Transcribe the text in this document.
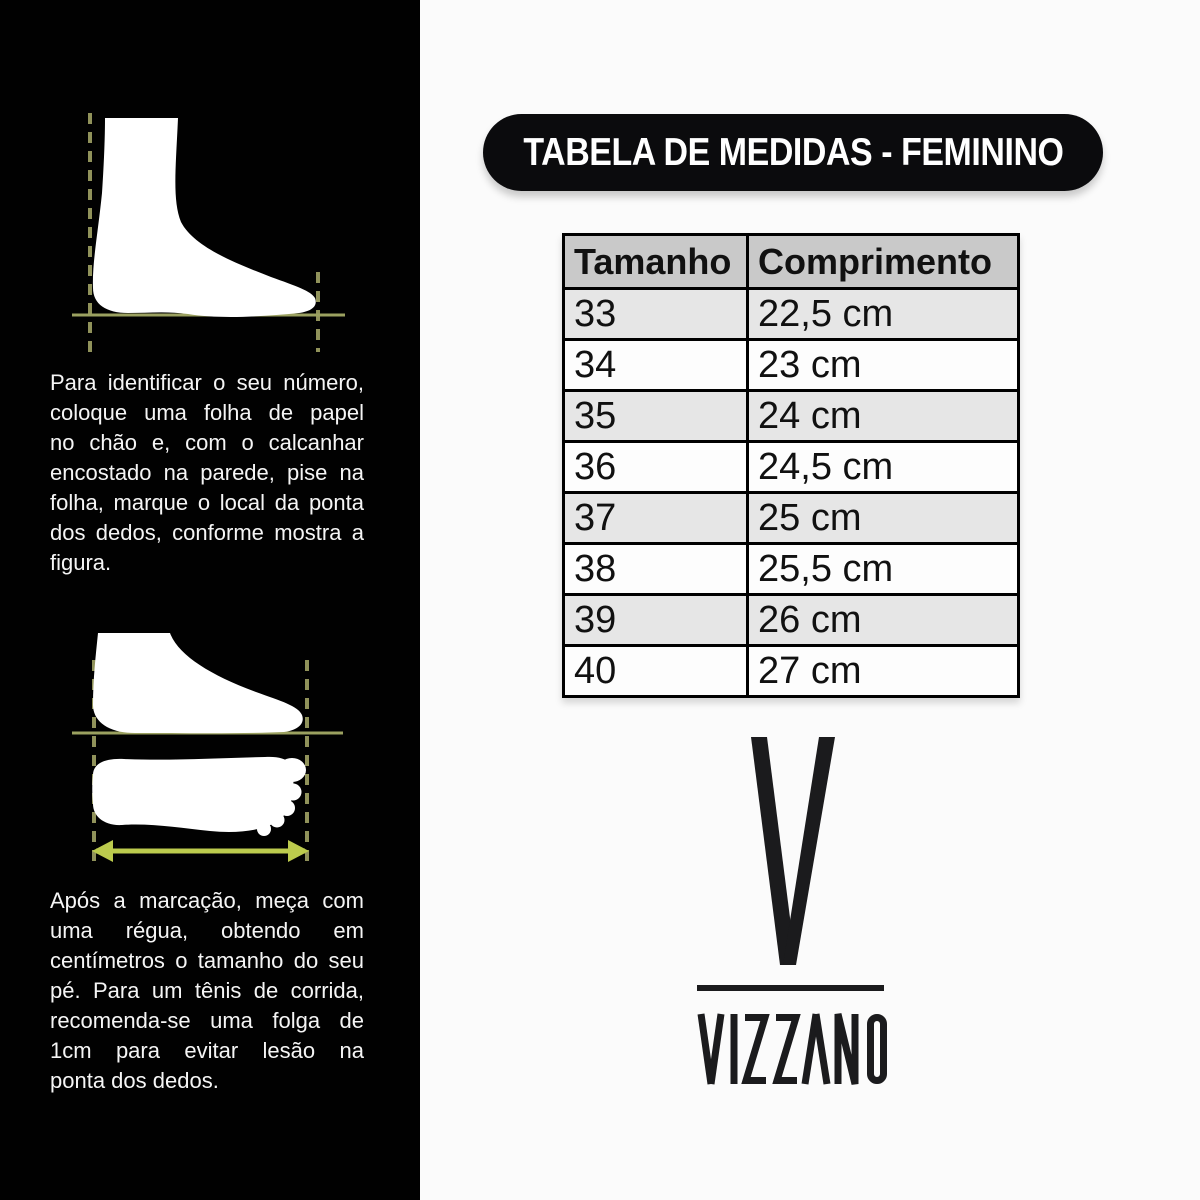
Para identificar o seu número,
coloque uma folha de papel
no chão e, com o calcanhar
encostado na parede, pise na
folha, marque o local da ponta
dos dedos, conforme mostra a
figura.
Após a marcação, meça com
uma régua, obtendo em
centímetros o tamanho do seu
pé. Para um tênis de corrida,
recomenda-se uma folga de
1cm para evitar lesão na
ponta dos dedos.
TABELA DE MEDIDAS - FEMININO
Tamanho	Comprimento
33	22,5 cm
34	23 cm
35	24 cm
36	24,5 cm
37	25 cm
38	25,5 cm
39	26 cm
40	27 cm
